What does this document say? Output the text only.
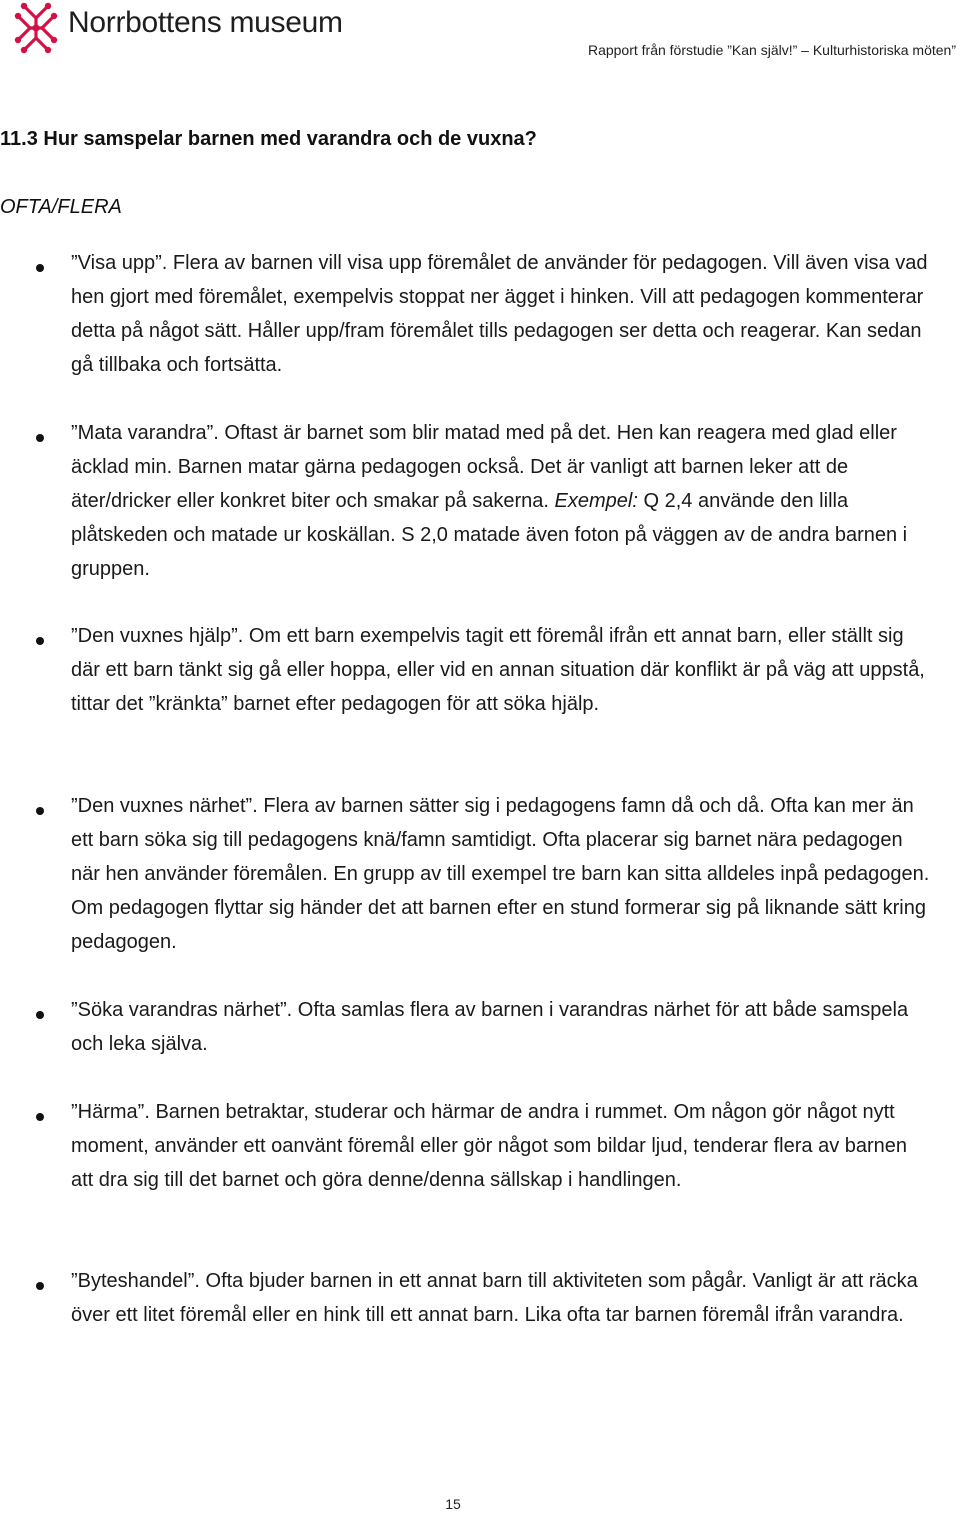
Norrbottens museum
Rapport från förstudie ”Kan själv!” – Kulturhistoriska möten”
11.3 Hur samspelar barnen med varandra och de vuxna?
OFTA/FLERA
”Visa upp”. Flera av barnen vill visa upp föremålet de använder för pedagogen. Vill även visa vad hen gjort med föremålet, exempelvis stoppat ner ägget i hinken. Vill att pedagogen kommenterar detta på något sätt. Håller upp/fram föremålet tills pedagogen ser detta och reagerar. Kan sedan gå tillbaka och fortsätta.
”Mata varandra”. Oftast är barnet som blir matad med på det. Hen kan reagera med glad eller äcklad min. Barnen matar gärna pedagogen också. Det är vanligt att barnen leker att de äter/dricker eller konkret biter och smakar på sakerna. Exempel: Q 2,4 använde den lilla plåtskeden och matade ur koskällan. S 2,0 matade även foton på väggen av de andra barnen i gruppen.
”Den vuxnes hjälp”. Om ett barn exempelvis tagit ett föremål ifrån ett annat barn, eller ställt sig där ett barn tänkt sig gå eller hoppa, eller vid en annan situation där konflikt är på väg att uppstå, tittar det ”kränkta” barnet efter pedagogen för att söka hjälp.
”Den vuxnes närhet”. Flera av barnen sätter sig i pedagogens famn då och då. Ofta kan mer än ett barn söka sig till pedagogens knä/famn samtidigt. Ofta placerar sig barnet nära pedagogen när hen använder föremålen. En grupp av till exempel tre barn kan sitta alldeles inpå pedagogen. Om pedagogen flyttar sig händer det att barnen efter en stund formerar sig på liknande sätt kring pedagogen.
”Söka varandras närhet”. Ofta samlas flera av barnen i varandras närhet för att både samspela och leka själva.
”Härma”. Barnen betraktar, studerar och härmar de andra i rummet. Om någon gör något nytt moment, använder ett oanvänt föremål eller gör något som bildar ljud, tenderar flera av barnen att dra sig till det barnet och göra denne/denna sällskap i handlingen.
”Byteshandel”. Ofta bjuder barnen in ett annat barn till aktiviteten som pågår. Vanligt är att räcka över ett litet föremål eller en hink till ett annat barn. Lika ofta tar barnen föremål ifrån varandra.
15
